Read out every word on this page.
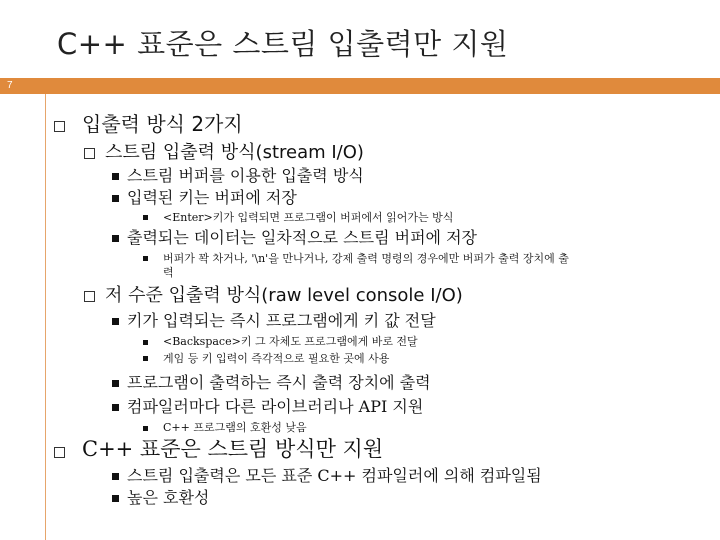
C++ 표준은 스트림 입출력만 지원
7
입출력 방식 2가지
스트림 입출력 방식(stream I/O)
스트림 버퍼를 이용한 입출력 방식
입력된 키는 버퍼에 저장
<Enter>키가 입력되면 프로그램이 버퍼에서 읽어가는 방식
출력되는 데이터는 일차적으로 스트림 버퍼에 저장
버퍼가 꽉 차거나, '\n'을 만나거나, 강제 출력 명령의 경우에만 버퍼가 출력 장치에 출
력
저 수준 입출력 방식(raw level console I/O)
키가 입력되는 즉시 프로그램에게 키 값 전달
<Backspace>키 그 자체도 프로그램에게 바로 전달
게임 등 키 입력이 즉각적으로 필요한 곳에 사용
프로그램이 출력하는 즉시 출력 장치에 출력
컴파일러마다 다른 라이브러리나 API 지원
C++ 프로그램의 호환성 낮음
C++ 표준은 스트림 방식만 지원
스트림 입출력은 모든 표준 C++ 컴파일러에 의해 컴파일됨
높은 호환성
